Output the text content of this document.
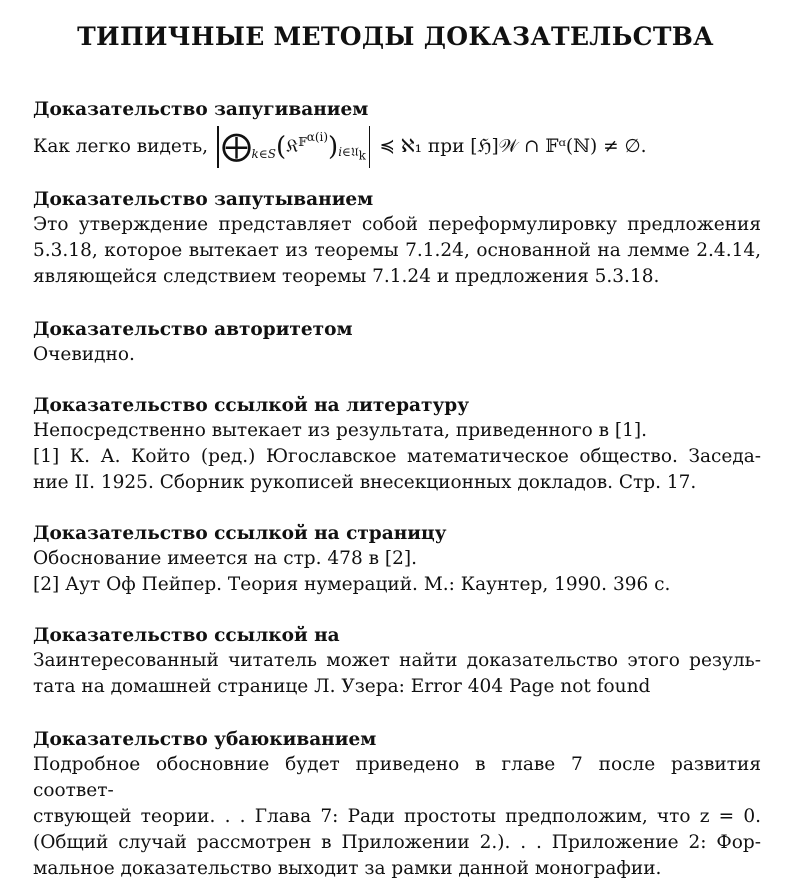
ТИПИЧНЫЕ МЕТОДЫ ДОКАЗАТЕЛЬСТВА
Доказательство запугиванием
Как легко видеть, ⨁ $_{k\in S}$ ( 𝔎$^{𝔽^{\alpha(i)}}$ ) $_{i\in 𝔘_k}$ ≼ ℵ₁ при [ℌ]𝒲 ∩ 𝔽ᵅ(ℕ) ≠ ∅.
Доказательство запутыванием
Это утверждение представляет собой переформулировку предложения
5.3.18, которое вытекает из теоремы 7.1.24, основанной на лемме 2.4.14,
являющейся следствием теоремы 7.1.24 и предложения 5.3.18.
Доказательство авторитетом
Очевидно.
Доказательство ссылкой на литературу
Непосредственно вытекает из результата, приведенного в [1].
[1] К. А. Който (ред.) Югославское математическое общество. Заседа-
ние II. 1925. Сборник рукописей внесекционных докладов. Стр. 17.
Доказательство ссылкой на страницу
Обоснование имеется на стр. 478 в [2].
[2] Аут Оф Пейпер. Теория нумераций. М.: Каунтер, 1990. 396 с.
Доказательство ссылкой на
Заинтересованный читатель может найти доказательство этого резуль-
тата на домашней странице Л. Узера: Error 404 Page not found
Доказательство убаюкиванием
Подробное обосновние будет приведено в главе 7 после развития соответ-
ствующей теории. . . Глава 7: Ради простоты предположим, что z = 0.
(Общий случай рассмотрен в Приложении 2.). . . Приложение 2: Фор-
мальное доказательство выходит за рамки данной монографии.
